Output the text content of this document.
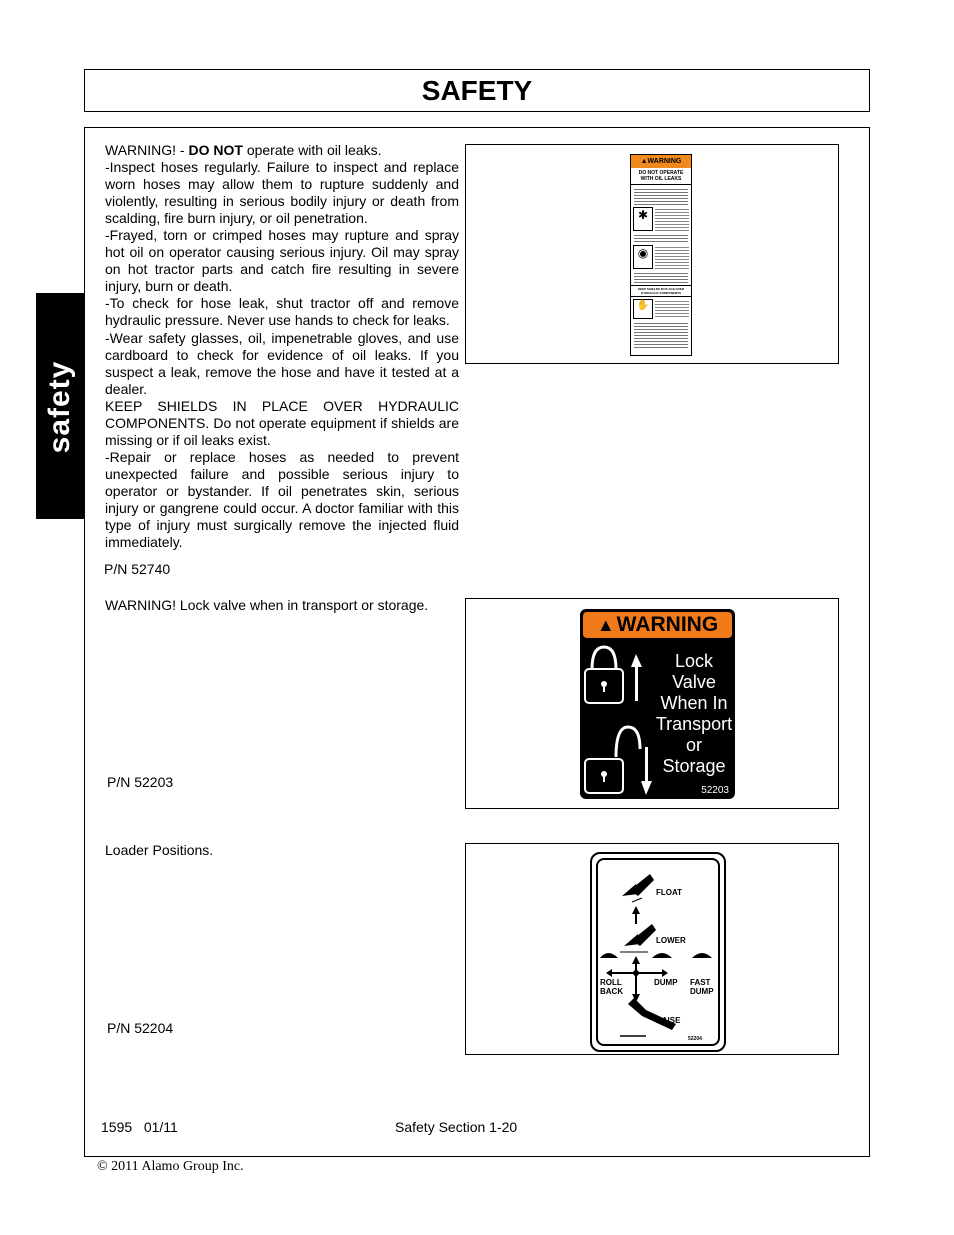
SAFETY
safety

WARNING! - DO NOT operate with oil leaks.

-Inspect hoses regularly. Failure to inspect and replace worn hoses may allow them to rupture suddenly and violently, resulting in serious bodily injury or death from scalding, fire burn injury, or oil penetration.

-Frayed, torn or crimped hoses may rupture and spray hot oil on operator causing serious injury. Oil may spray on hot tractor parts and catch fire resulting in severe injury, burn or death.

-To check for hose leak, shut tractor off and remove hydraulic pressure. Never use hands to check for leaks.

-Wear safety glasses, oil, impenetrable gloves, and use cardboard to check for evidence of oil leaks. If you suspect a leak, remove the hose and have it tested at a dealer.

KEEP SHIELDS IN PLACE OVER HYDRAULIC COMPONENTS. Do not operate equipment if shields are missing or if oil leaks exist.

-Repair or replace hoses as needed to prevent unexpected failure and possible serious injury to operator or bystander. If oil penetrates skin, serious injury or gangrene could occur. A doctor familiar with this type of injury must surgically remove the injected fluid immediately.

P/N 52740
▲ WARNING
DO NOT OPERATE WITH OIL LEAKS
✱
◉
KEEP SHIELDS IN PLACE OVER HYDRAULIC COMPONENTS
✋
WARNING! Lock valve when in transport or storage.
P/N 52203
▲ WARNING
Lock
Valve
When In
Transport
or
Storage
52203
Loader Positions.
P/N 52204
FLOAT
LOWER
ROLL BACK
DUMP FAST DUMP
RAISE
52204
1595   01/11	Safety Section 1-20
© 2011 Alamo Group Inc.
